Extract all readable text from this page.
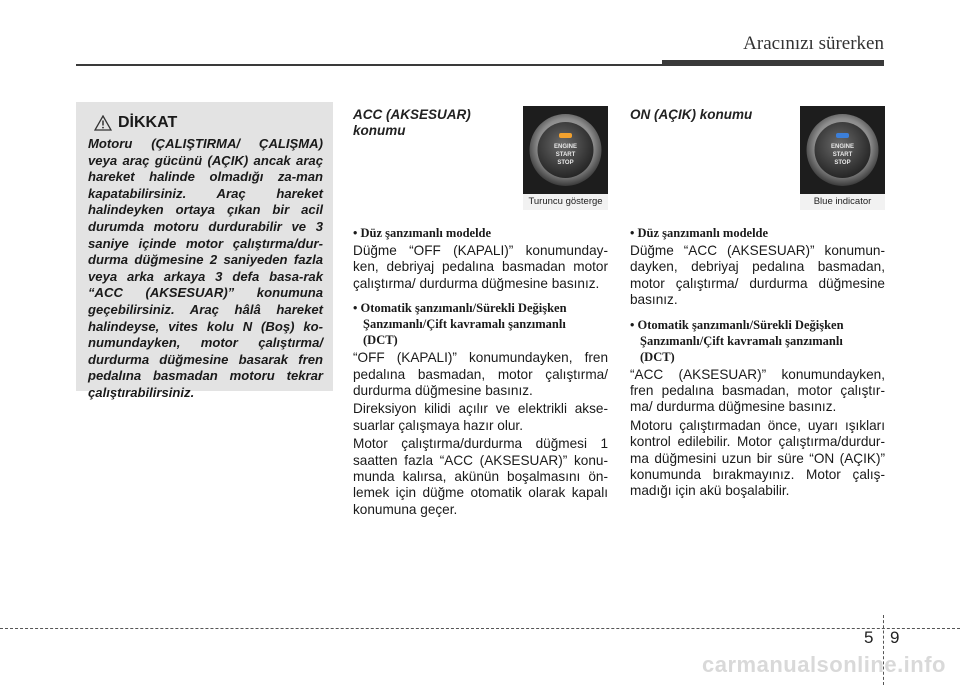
Aracınızı sürerken
DİKKAT
Motoru (ÇALIŞTIRMA/ ÇALIŞMA) veya araç gücünü (AÇIK) ancak araç hareket halinde olmadığı za-man kapatabilirsiniz. Araç hareket halindeyken ortaya çıkan bir acil durumda motoru durdurabilir ve 3 saniye içinde motor çalıştırma/dur-durma düğmesine 2 saniyeden fazla veya arka arkaya 3 defa basa-rak “ACC (AKSESUAR)” konumuna geçebilirsiniz. Araç hâlâ hareket halindeyse, vites kolu N (Boş) ko-numundayken, motor çalıştırma/ durdurma düğmesine basarak fren pedalına basmadan motoru tekrar çalıştırabilirsiniz.
ACC (AKSESUAR)
konumu
ENGINE
START
STOP
Turuncu gösterge

• Düz şanzımanlı modelde

Düğme “OFF (KAPALI)” konumunday-ken, debriyaj pedalına basmadan motor çalıştırma/ durdurma düğmesine basınız.

• Otomatik şanzımanlı/Sürekli Değişken
Şanzımanlı/Çift kavramalı şanzımanlı
(DCT)

“OFF (KAPALI)” konumundayken, fren pedalına basmadan, motor çalıştırma/ durdurma düğmesine basınız.

Direksiyon kilidi açılır ve elektrikli akse-suarlar çalışmaya hazır olur.

Motor çalıştırma/durdurma düğmesi 1 saatten fazla “ACC (AKSESUAR)” konu-munda kalırsa, akünün boşalmasını ön-lemek için düğme otomatik olarak kapalı konumuna geçer.

ON (AÇIK) konumu
ENGINE
START
STOP
Blue indicator

• Düz şanzımanlı modelde

Düğme “ACC (AKSESUAR)” konumun-dayken, debriyaj pedalına basmadan, motor çalıştırma/ durdurma düğmesine basınız.

• Otomatik şanzımanlı/Sürekli Değişken
Şanzımanlı/Çift kavramalı şanzımanlı
(DCT)

“ACC (AKSESUAR)” konumundayken, fren pedalına basmadan, motor çalıştır-ma/ durdurma düğmesine basınız.

Motoru çalıştırmadan önce, uyarı ışıkları kontrol edilebilir. Motor çalıştırma/durdur-ma düğmesini uzun bir süre “ON (AÇIK)” konumunda bırakmayınız. Motor çalış-madığı için akü boşalabilir.

5 9
carmanualsonline.info
